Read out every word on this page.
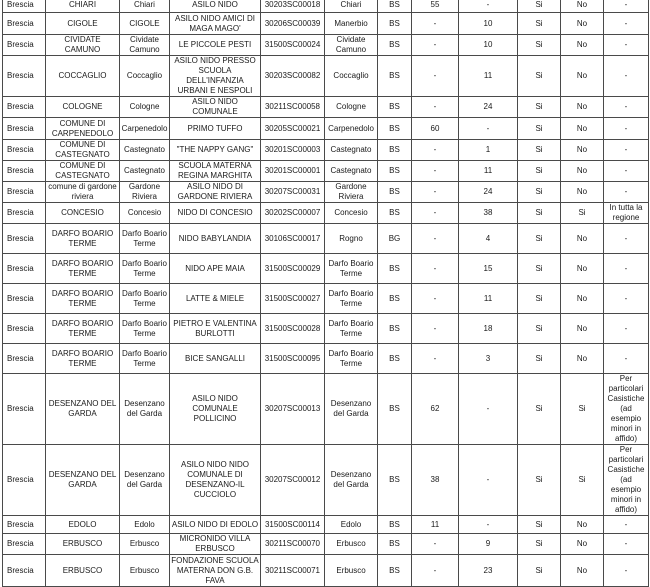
Brescia	CHIARI	Chiari	ASILO NIDO	30203SC00018	Chiari	BS	55	-	Si	No	-
Brescia	CIGOLE	CIGOLE	ASILO NIDO AMICI DI MAGA MAGO'	30206SC00039	Manerbio	BS	-	10	Si	No	-
Brescia	CIVIDATE CAMUNO	Cividate Camuno	LE PICCOLE PESTI	31500SC00024	Cividate Camuno	BS	-	10	Si	No	-
Brescia	COCCAGLIO	Coccaglio	ASILO NIDO PRESSO SCUOLA DELL'INFANZIA URBANI E NESPOLI	30203SC00082	Coccaglio	BS	-	11	Si	No	-
Brescia	COLOGNE	Cologne	ASILO NIDO COMUNALE	30211SC00058	Cologne	BS	-	24	Si	No	-
Brescia	COMUNE DI CARPENEDOLO	Carpenedolo	PRIMO TUFFO	30205SC00021	Carpenedolo	BS	60	-	Si	No	-
Brescia	COMUNE DI CASTEGNATO	Castegnato	"THE NAPPY GANG"	30201SC00003	Castegnato	BS	-	1	Si	No	-
Brescia	COMUNE DI CASTEGNATO	Castegnato	SCUOLA MATERNA REGINA MARGHITA	30201SC00001	Castegnato	BS	-	11	Si	No	-
Brescia	comune di gardone riviera	Gardone Riviera	ASILO NIDO DI GARDONE RIVIERA	30207SC00031	Gardone Riviera	BS	-	24	Si	No	-
Brescia	CONCESIO	Concesio	NIDO DI CONCESIO	30202SC00007	Concesio	BS	-	38	Si	Si	In tutta la regione
Brescia	DARFO BOARIO TERME	Darfo Boario Terme	NIDO BABYLANDIA	30106SC00017	Rogno	BG	-	4	Si	No	-
Brescia	DARFO BOARIO TERME	Darfo Boario Terme	NIDO APE MAIA	31500SC00029	Darfo Boario Terme	BS	-	15	Si	No	-
Brescia	DARFO BOARIO TERME	Darfo Boario Terme	LATTE & MIELE	31500SC00027	Darfo Boario Terme	BS	-	11	Si	No	-
Brescia	DARFO BOARIO TERME	Darfo Boario Terme	PIETRO E VALENTINA BURLOTTI	31500SC00028	Darfo Boario Terme	BS	-	18	Si	No	-
Brescia	DARFO BOARIO TERME	Darfo Boario Terme	BICE SANGALLI	31500SC00095	Darfo Boario Terme	BS	-	3	Si	No	-
Brescia	DESENZANO DEL GARDA	Desenzano del Garda	ASILO NIDO COMUNALE POLLICINO	30207SC00013	Desenzano del Garda	BS	62	-	Si	Si	Per particolari Casistiche (ad esempio minori in affido)
Brescia	DESENZANO DEL GARDA	Desenzano del Garda	ASILO NIDO NIDO COMUNALE DI DESENZANO-IL CUCCIOLO	30207SC00012	Desenzano del Garda	BS	38	-	Si	Si	Per particolari Casistiche (ad esempio minori in affido)
Brescia	EDOLO	Edolo	ASILO NIDO DI EDOLO	31500SC00114	Edolo	BS	11	-	Si	No	-
Brescia	ERBUSCO	Erbusco	MICRONIDO VILLA ERBUSCO	30211SC00070	Erbusco	BS	-	9	Si	No	-
Brescia	ERBUSCO	Erbusco	FONDAZIONE SCUOLA MATERNA DON G.B. FAVA	30211SC00071	Erbusco	BS	-	23	Si	No	-
